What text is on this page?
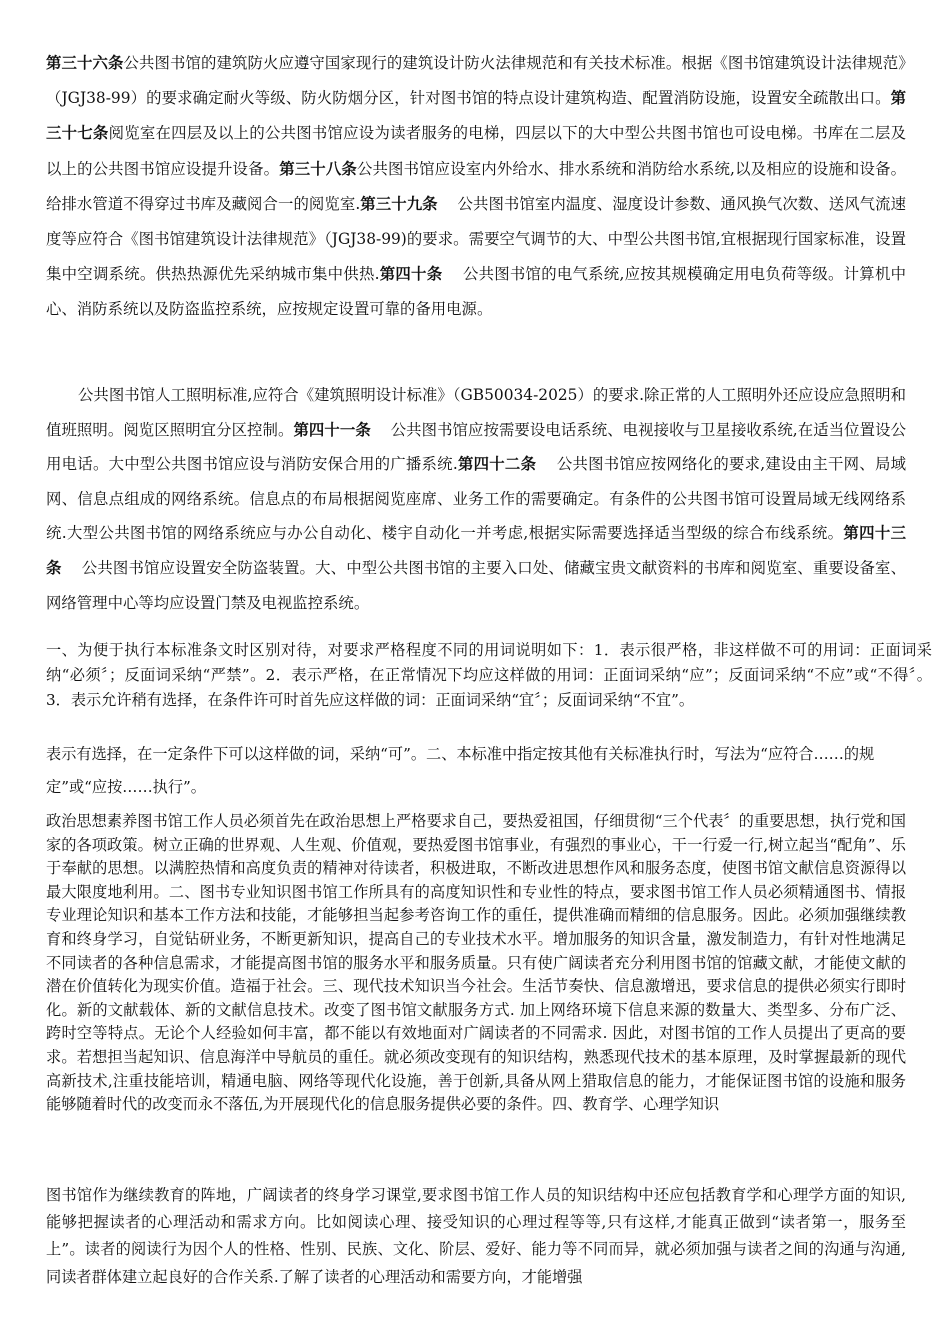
第三十六条公共图书馆的建筑防火应遵守国家现行的建筑设计防火法律规范和有关技术标准。根据《图书馆建筑设计法律规范》（JGJ38-99）的要求确定耐火等级、防火防烟分区，针对图书馆的特点设计建筑构造、配置消防设施，设置安全疏散出口。第三十七条阅览室在四层及以上的公共图书馆应设为读者服务的电梯，四层以下的大中型公共图书馆也可设电梯。书库在二层及以上的公共图书馆应设提升设备。第三十八条公共图书馆应设室内外给水、排水系统和消防给水系统,以及相应的设施和设备。给排水管道不得穿过书库及藏阅合一的阅览室.第三十九条 公共图书馆室内温度、湿度设计参数、通风换气次数、送风气流速度等应符合《图书馆建筑设计法律规范》（JGJ38-99)的要求。需要空气调节的大、中型公共图书馆,宜根据现行国家标准，设置集中空调系统。供热热源优先采纳城市集中供热.第四十条 公共图书馆的电气系统,应按其规模确定用电负荷等级。计算机中心、消防系统以及防盗监控系统，应按规定设置可靠的备用电源。

公共图书馆人工照明标准,应符合《建筑照明设计标准》（GB50034-2025）的要求.除正常的人工照明外还应设应急照明和值班照明。阅览区照明宜分区控制。第四十一条 公共图书馆应按需要设电话系统、电视接收与卫星接收系统,在适当位置设公用电话。大中型公共图书馆应设与消防安保合用的广播系统.第四十二条 公共图书馆应按网络化的要求,建设由主干网、局域网、信息点组成的网络系统。信息点的布局根据阅览座席、业务工作的需要确定。有条件的公共图书馆可设置局域无线网络系统.大型公共图书馆的网络系统应与办公自动化、楼宇自动化一并考虑,根据实际需要选择适当型级的综合布线系统。第四十三条 公共图书馆应设置安全防盗装置。大、中型公共图书馆的主要入口处、储藏宝贵文献资料的书库和阅览室、重要设备室、网络管理中心等均应设置门禁及电视监控系统。

一、为便于执行本标准条文时区别对待，对要求严格程度不同的用词说明如下：1．表示很严格，非这样做不可的用词：正面词采纳“必须〞；反面词采纳“严禁”。2．表示严格，在正常情况下均应这样做的用词：正面词采纳“应”；反面词采纳“不应”或“不得〞。3．表示允许稍有选择，在条件许可时首先应这样做的词：正面词采纳“宜〞；反面词采纳“不宜”。

表示有选择，在一定条件下可以这样做的词，采纳“可”。二、本标准中指定按其他有关标准执行时，写法为“应符合……的规定”或“应按……执行”。

政治思想素养图书馆工作人员必须首先在政治思想上严格要求自己，要热爱祖国，仔细贯彻“三个代表〞的重要思想，执行党和国家的各项政策。树立正确的世界观、人生观、价值观，要热爱图书馆事业，有强烈的事业心，干一行爱一行,树立起当“配角”、乐于奉献的思想。以满腔热情和高度负责的精神对待读者，积极进取，不断改进思想作风和服务态度，使图书馆文献信息资源得以最大限度地利用。二、图书专业知识图书馆工作所具有的高度知识性和专业性的特点，要求图书馆工作人员必须精通图书、情报专业理论知识和基本工作方法和技能，才能够担当起参考咨询工作的重任，提供准确而精细的信息服务。因此。必须加强继续教育和终身学习，自觉钻研业务，不断更新知识，提高自己的专业技术水平。增加服务的知识含量，激发制造力，有针对性地满足不同读者的各种信息需求，才能提高图书馆的服务水平和服务质量。只有使广阔读者充分利用图书馆的馆藏文献，才能使文献的潜在价值转化为现实价值。造福于社会。三、现代技术知识当今社会。生活节奏快、信息激增迅，要求信息的提供必须实行即时化。新的文献载体、新的文献信息技术。改变了图书馆文献服务方式. 加上网络环境下信息来源的数量大、类型多、分布广泛、跨时空等特点。无论个人经验如何丰富，都不能以有效地面对广阔读者的不同需求. 因此，对图书馆的工作人员提出了更高的要求。若想担当起知识、信息海洋中导航员的重任。就必须改变现有的知识结构，熟悉现代技术的基本原理，及时掌握最新的现代高新技术,注重技能培训，精通电脑、网络等现代化设施，善于创新,具备从网上猎取信息的能力，才能保证图书馆的设施和服务能够随着时代的改变而永不落伍,为开展现代化的信息服务提供必要的条件。四、教育学、心理学知识

图书馆作为继续教育的阵地，广阔读者的终身学习课堂,要求图书馆工作人员的知识结构中还应包括教育学和心理学方面的知识,能够把握读者的心理活动和需求方向。比如阅读心理、接受知识的心理过程等等,只有这样,才能真正做到“读者第一，服务至上”。读者的阅读行为因个人的性格、性别、民族、文化、阶层、爱好、能力等不同而异，就必须加强与读者之间的沟通与沟通,同读者群体建立起良好的合作关系.了解了读者的心理活动和需要方向，才能增强
